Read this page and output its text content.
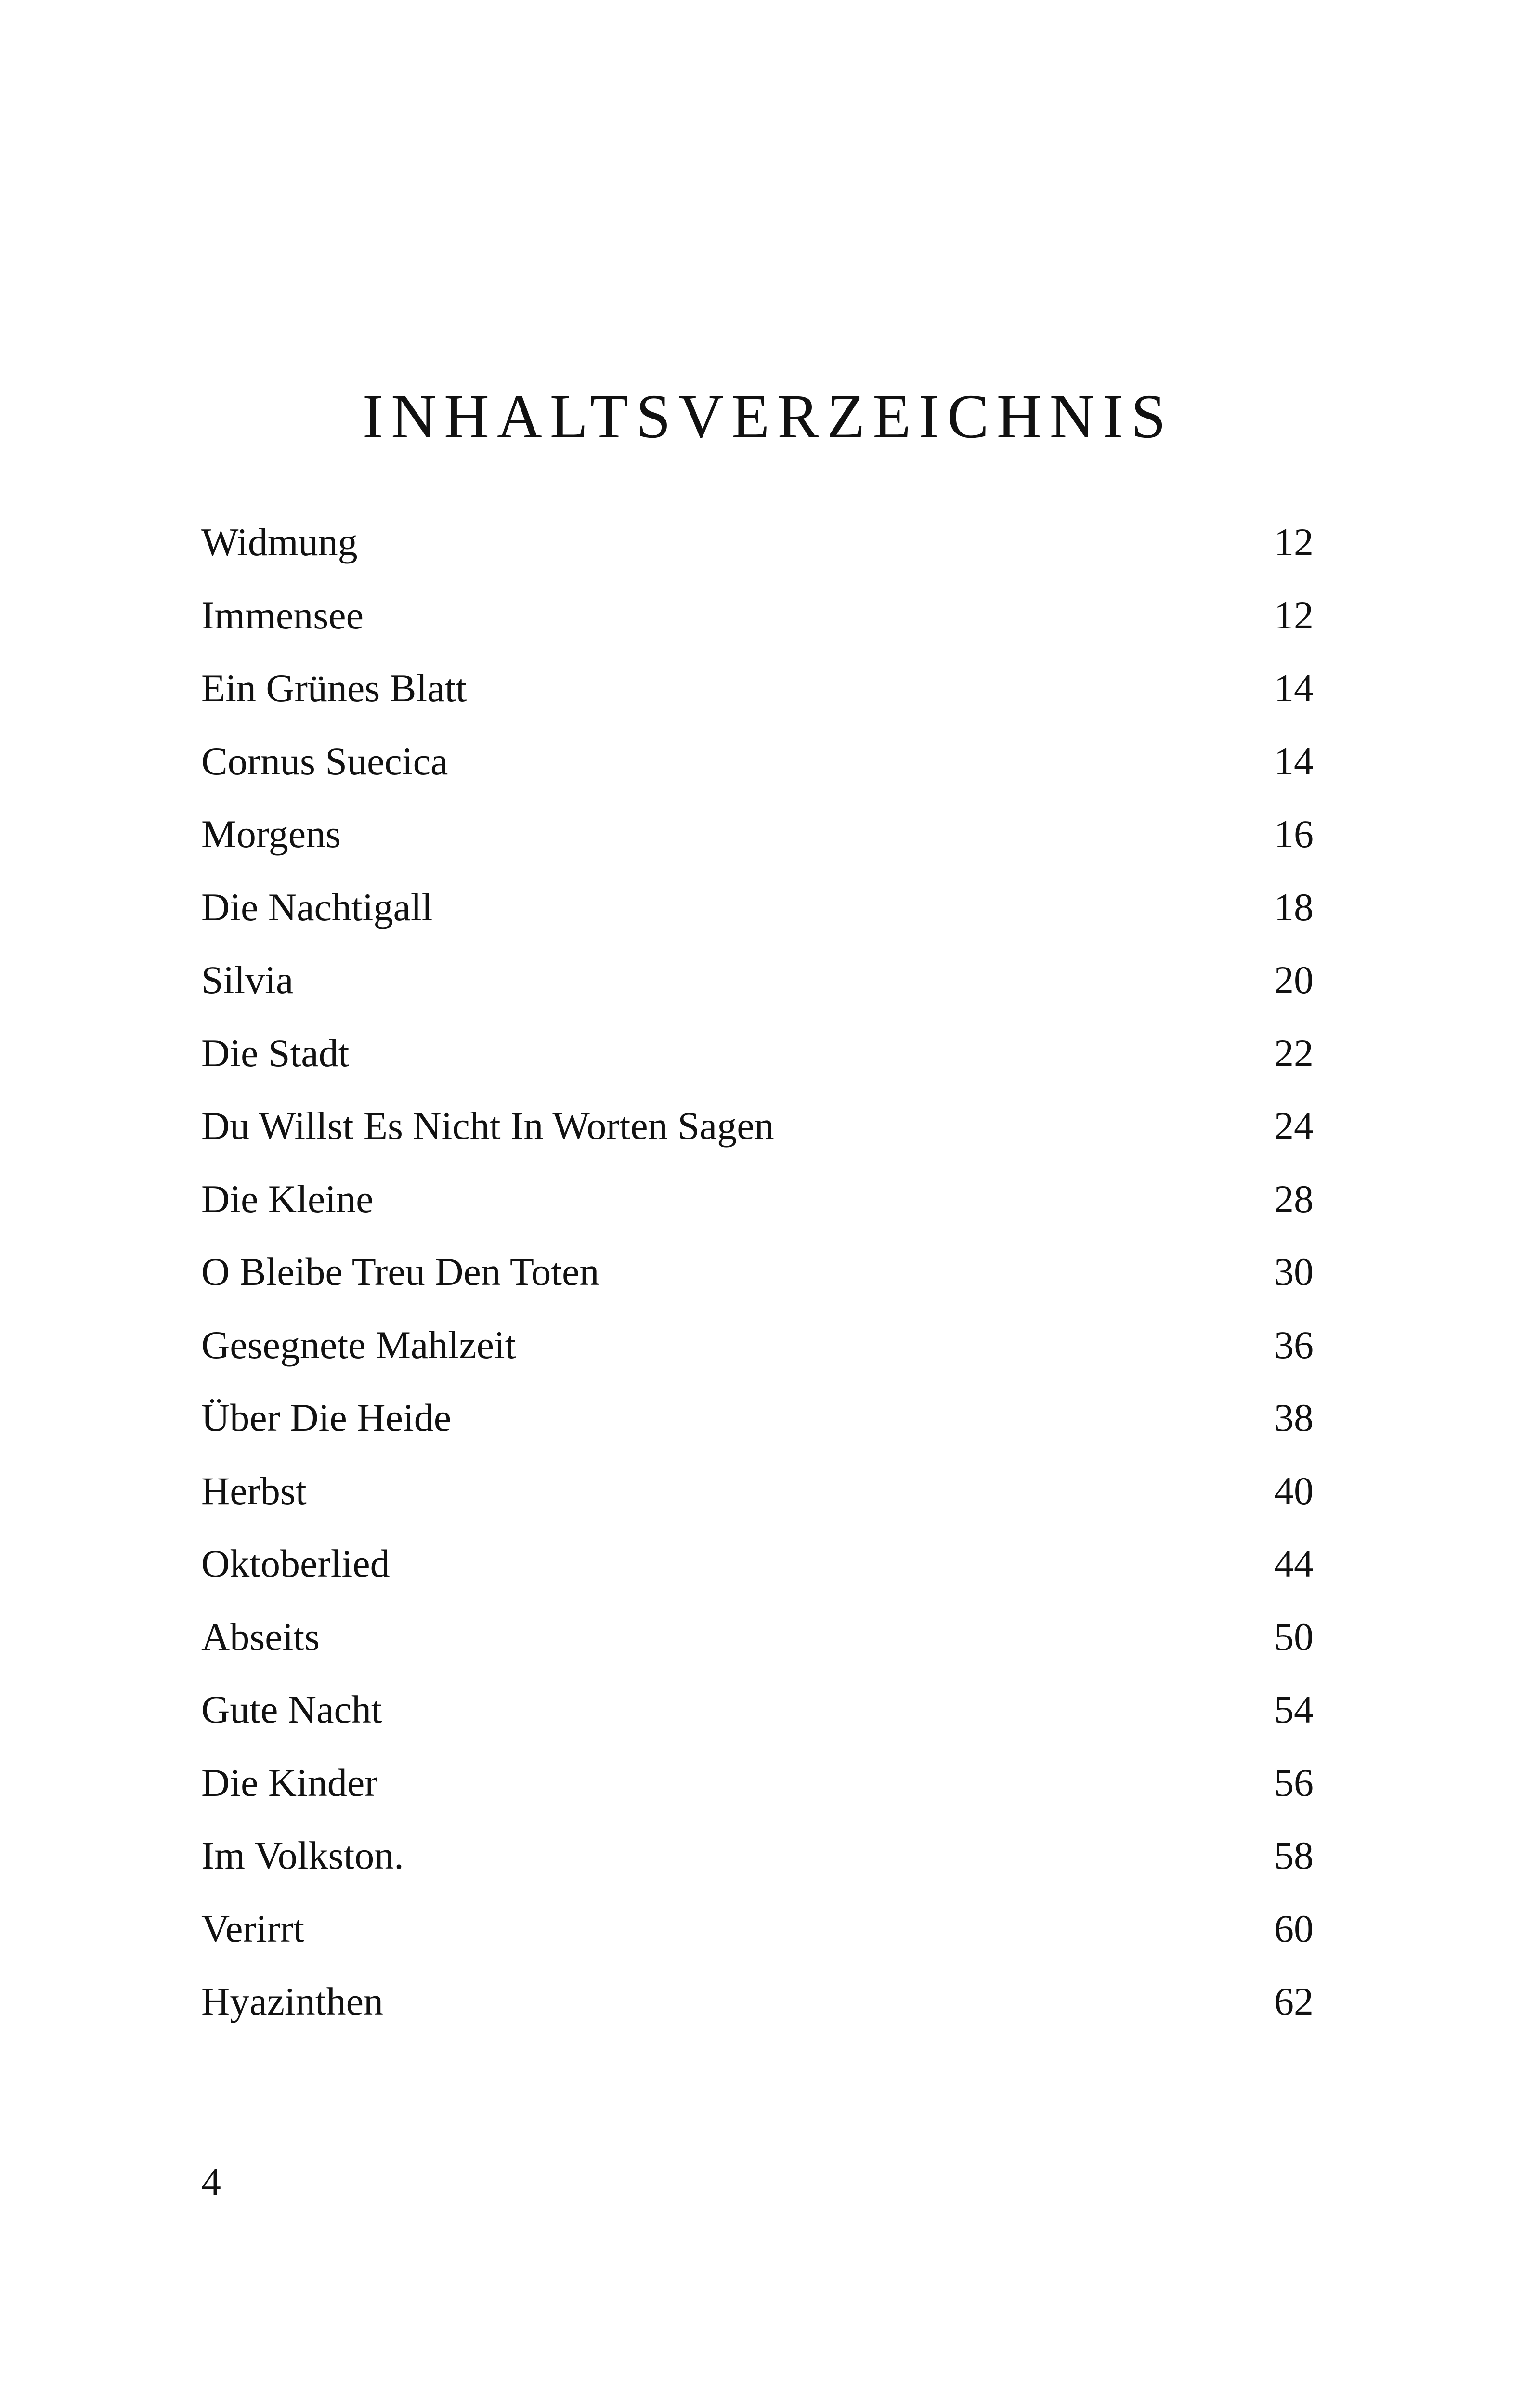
INHALTSVERZEICHNIS
Widmung	12
Immensee	12
Ein Grünes Blatt	14
Cornus Suecica	14
Morgens	16
Die Nachtigall	18
Silvia	20
Die Stadt	22
Du Willst Es Nicht In Worten Sagen	24
Die Kleine	28
O Bleibe Treu Den Toten	30
Gesegnete Mahlzeit	36
Über Die Heide	38
Herbst	40
Oktoberlied	44
Abseits	50
Gute Nacht	54
Die Kinder	56
Im Volkston.	58
Verirrt	60
Hyazinthen	62
4
